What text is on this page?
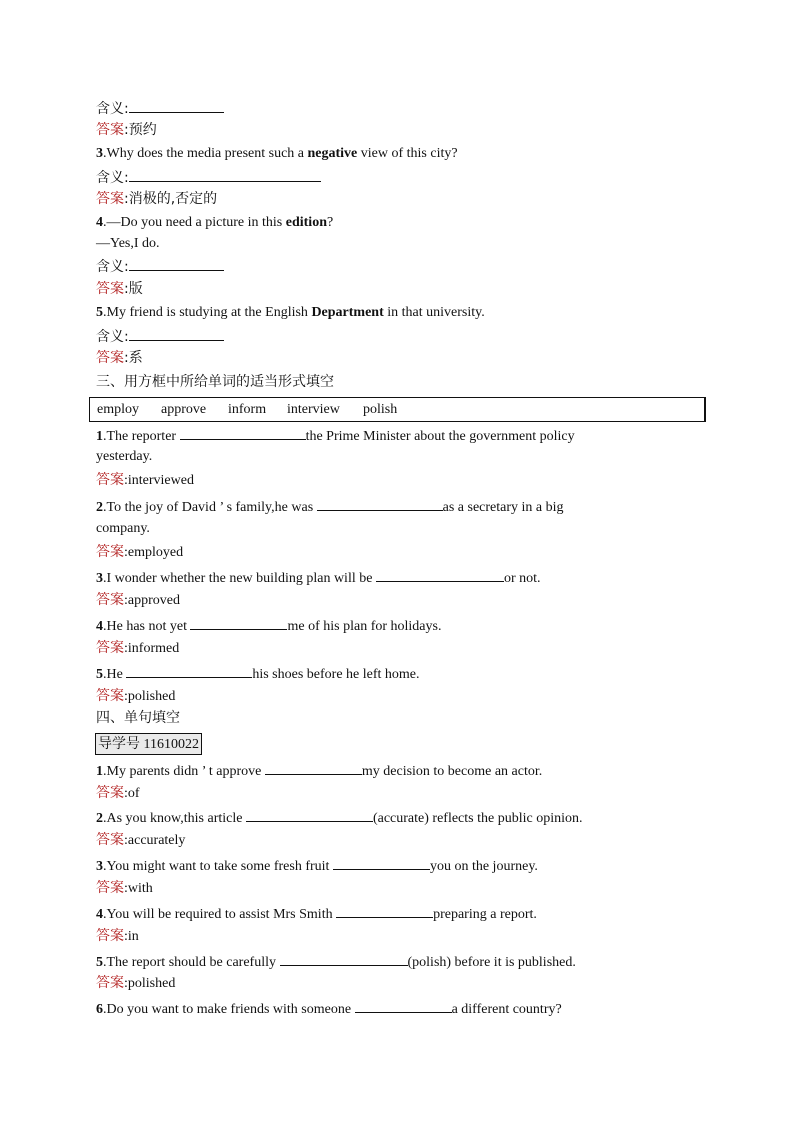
含义:
答案:预约
3.Why does the media present such a negative view of this city?
含义:
答案:消极的,否定的
4.—Do you need a picture in this edition?
—Yes,I do.
含义:
答案:版
5.My friend is studying at the English Department in that university.
含义:
答案:系
三、用方框中所给单词的适当形式填空
employ approve inform interview polish
1.The reporter	the Prime Minister about the government policy
yesterday.
答案:interviewed
2.To the joy of David ’ s family,he was	as a secretary in a big
company.
答案:employed
3.I wonder whether the new building plan will be	or not.
答案:approved
4.He has not yet	me of his plan for holidays.
答案:informed
5.He	his shoes before he left home.
答案:polished
四、单句填空
导学号 11610022
1.My parents didn ’ t approve	my decision to become an actor.
答案:of
2.As you know,this article	(accurate) reflects the public opinion.
答案:accurately
3.You might want to take some fresh fruit	you on the journey.
答案:with
4.You will be required to assist Mrs Smith	preparing a report.
答案:in
5.The report should be carefully	(polish) before it is published.
答案:polished
6.Do you want to make friends with someone	a different country?
